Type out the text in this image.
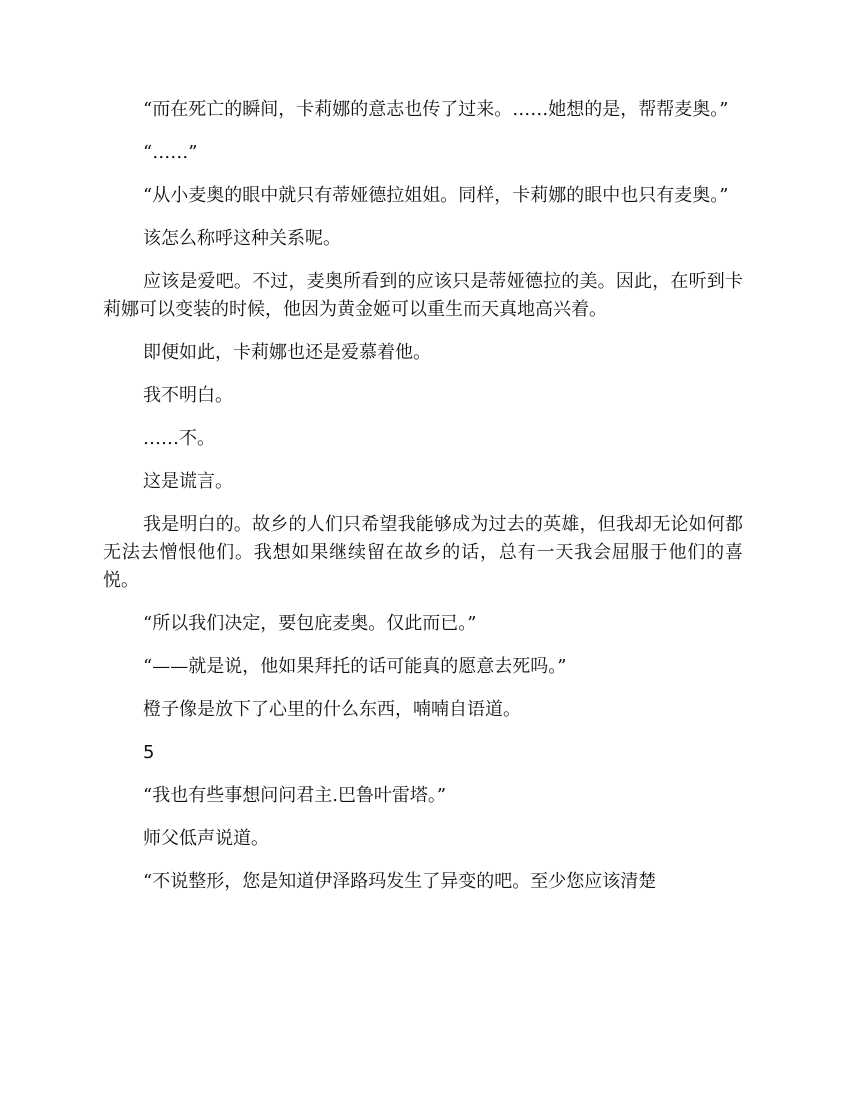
“而在死亡的瞬间，卡莉娜的意志也传了过来。……她想的是，帮帮麦奥。”

“……”

“从小麦奥的眼中就只有蒂娅德拉姐姐。同样，卡莉娜的眼中也只有麦奥。”

该怎么称呼这种关系呢。

应该是爱吧。不过，麦奥所看到的应该只是蒂娅德拉的美。因此，在听到卡莉娜可以变装的时候，他因为黄金姬可以重生而天真地高兴着。

即便如此，卡莉娜也还是爱慕着他。

我不明白。

……不。

这是谎言。

我是明白的。故乡的人们只希望我能够成为过去的英雄，但我却无论如何都无法去憎恨他们。我想如果继续留在故乡的话，总有一天我会屈服于他们的喜悦。

“所以我们决定，要包庇麦奥。仅此而已。”

“——就是说，他如果拜托的话可能真的愿意去死吗。”

橙子像是放下了心里的什么东西，喃喃自语道。

5

“我也有些事想问问君主.巴鲁叶雷塔。”

师父低声说道。

“不说整形，您是知道伊泽路玛发生了异变的吧。至少您应该清楚
